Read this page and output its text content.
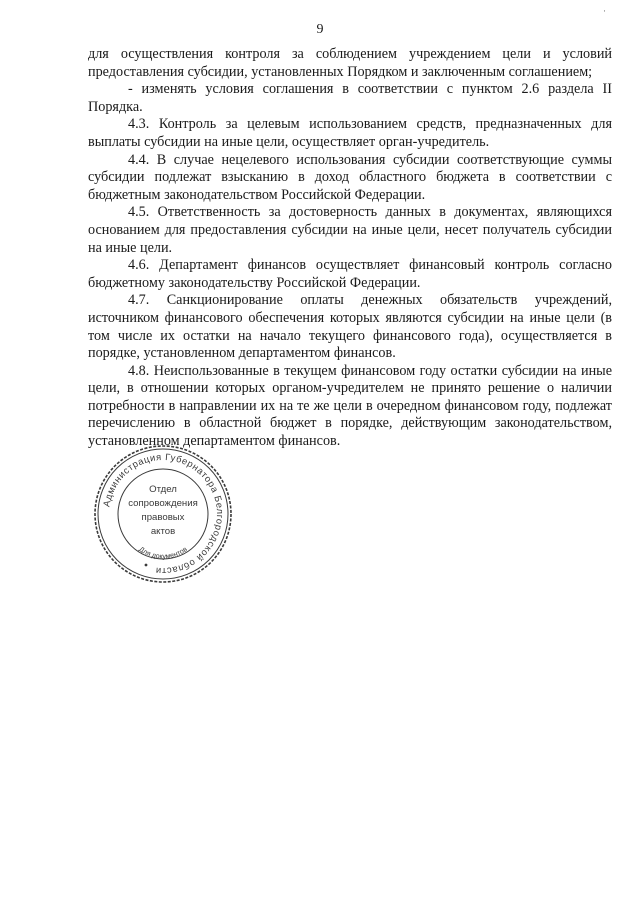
9
·

для осуществления контроля за соблюдением учреждением цели и условий предоставления субсидии, установленных Порядком и заключенным соглашением;

- изменять условия соглашения в соответствии с пунктом 2.6 раздела II Порядка.

4.3. Контроль за целевым использованием средств, предназначенных для выплаты субсидии на иные цели, осуществляет орган-учредитель.

4.4. В случае нецелевого использования субсидии соответствующие суммы субсидии подлежат взысканию в доход областного бюджета в соответствии с бюджетным законодательством Российской Федерации.

4.5. Ответственность за достоверность данных в документах, являющихся основанием для предоставления субсидии на иные цели, несет получатель субсидии на иные цели.

4.6. Департамент финансов осуществляет финансовый контроль согласно бюджетному законодательству Российской Федерации.

4.7. Санкционирование оплаты денежных обязательств учреждений, источником финансового обеспечения которых являются субсидии на иные цели (в том числе их остатки на начало текущего финансового года), осуществляется в порядке, установленном департаментом финансов.

4.8. Неиспользованные в текущем финансовом году остатки субсидии на иные цели, в отношении которых органом-учредителем не принято решение о наличии потребности в направлении их на те же цели в очередном финансовом году, подлежат перечислению в областной бюджет в порядке, действующим законодательством, установленном департаментом финансов.

Администрация Губернатора Белгородской области
Для документов
Отдел
сопровождения
правовых
актов
